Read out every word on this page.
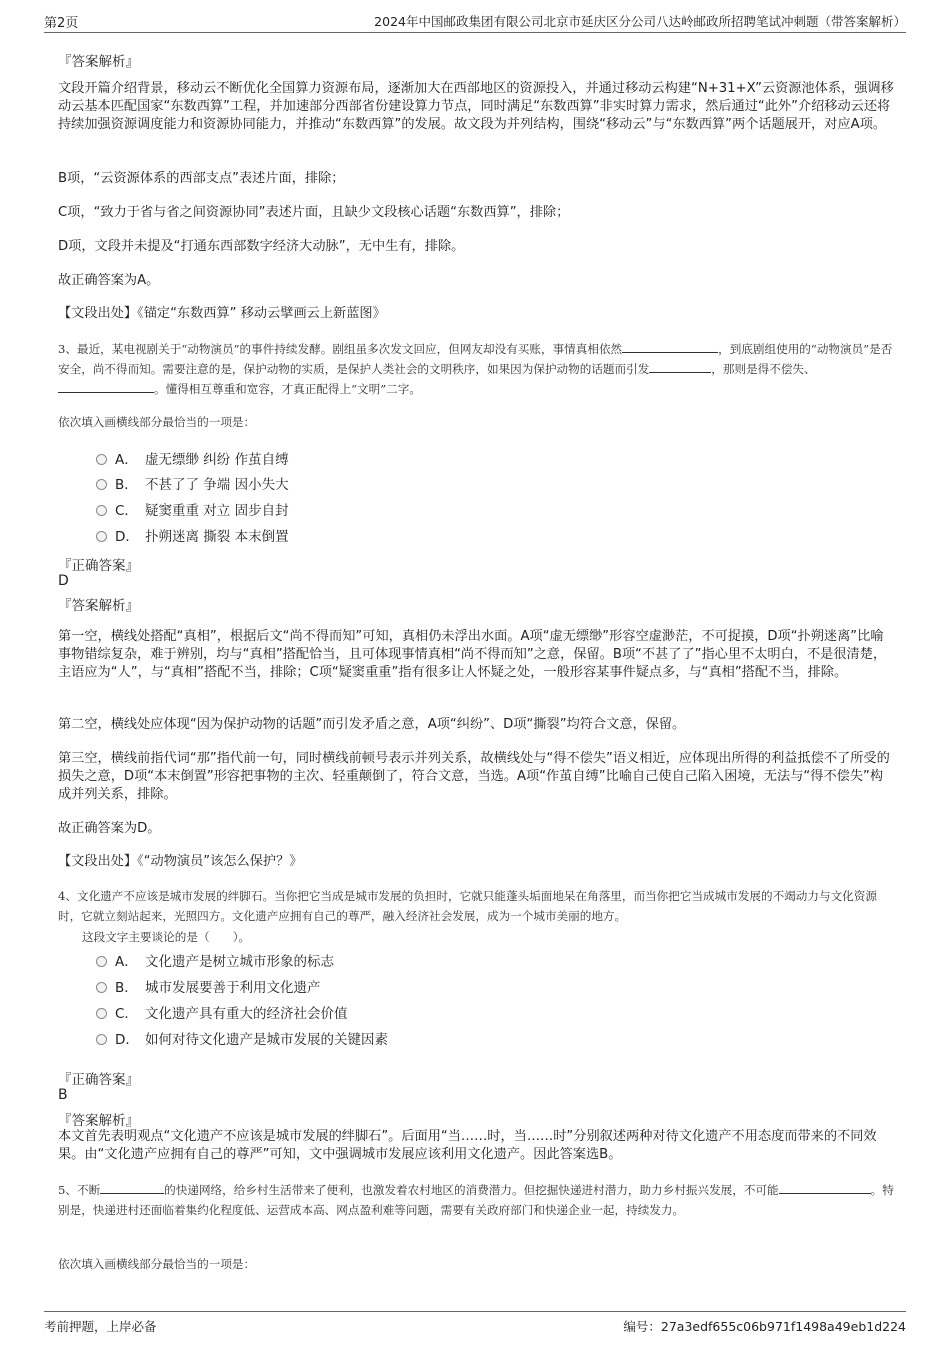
第2页	2024年中国邮政集团有限公司北京市延庆区分公司八达岭邮政所招聘笔试冲刺题（带答案解析）
『答案解析』

文段开篇介绍背景，移动云不断优化全国算力资源布局，逐渐加大在西部地区的资源投入，并通过移动云构建“N+31+X”云资源池体系，强调移动云基本匹配国家“东数西算”工程，并加速部分西部省份建设算力节点，同时满足“东数西算”非实时算力需求，然后通过“此外”介绍移动云还将持续加强资源调度能力和资源协同能力，并推动“东数西算”的发展。故文段为并列结构，围绕“移动云”与“东数西算”两个话题展开，对应A项。

B项，“云资源体系的西部支点”表述片面，排除；

C项，“致力于省与省之间资源协同”表述片面，且缺少文段核心话题“东数西算”，排除；

D项，文段并未提及“打通东西部数字经济大动脉”，无中生有，排除。

故正确答案为A。

【文段出处】《锚定“东数西算” 移动云擘画云上新蓝图》

3、最近，某电视剧关于“动物演员”的事件持续发酵。剧组虽多次发文回应，但网友却没有买账，事情真相依然	，到底剧组使用的“动物演员”是否安全，尚不得而知。需要注意的是，保护动物的实质，是保护人类社会的文明秩序，如果因为保护动物的话题而引发	，那则是得不偿失、。懂得相互尊重和宽容，才真正配得上“文明”二字。

依次填入画横线部分最恰当的一项是：

A． 虚无缥缈 纠纷 作茧自缚
B． 不甚了了 争端 因小失大
C． 疑窦重重 对立 固步自封
D． 扑朔迷离 撕裂 本末倒置
『正确答案』
D
『答案解析』

第一空，横线处搭配“真相”，根据后文“尚不得而知”可知，真相仍未浮出水面。A项“虚无缥缈”形容空虚渺茫，不可捉摸，D项“扑朔迷离”比喻事物错综复杂，难于辨别，均与“真相”搭配恰当，且可体现事情真相“尚不得而知”之意，保留。B项“不甚了了”指心里不太明白，不是很清楚，主语应为“人”，与“真相”搭配不当，排除；C项“疑窦重重”指有很多让人怀疑之处，一般形容某事件疑点多，与“真相”搭配不当，排除。

第二空，横线处应体现“因为保护动物的话题”而引发矛盾之意，A项“纠纷”、D项“撕裂”均符合文意，保留。

第三空，横线前指代词“那”指代前一句，同时横线前顿号表示并列关系，故横线处与“得不偿失”语义相近，应体现出所得的利益抵偿不了所受的损失之意，D项“本末倒置”形容把事物的主次、轻重颠倒了，符合文意，当选。A项“作茧自缚”比喻自己使自己陷入困境，无法与“得不偿失”构成并列关系，排除。

故正确答案为D。

【文段出处】《“动物演员”该怎么保护？》

4、文化遗产不应该是城市发展的绊脚石。当你把它当成是城市发展的负担时，它就只能蓬头垢面地呆在角落里，而当你把它当成城市发展的不竭动力与文化资源时，它就立刻站起来，光照四方。文化遗产应拥有自己的尊严，融入经济社会发展，成为一个城市美丽的地方。

这段文字主要谈论的是（　　）。

A． 文化遗产是树立城市形象的标志
B． 城市发展要善于利用文化遗产
C． 文化遗产具有重大的经济社会价值
D． 如何对待文化遗产是城市发展的关键因素
『正确答案』
B
『答案解析』

本文首先表明观点“文化遗产不应该是城市发展的绊脚石”。后面用“当……时，当……时”分别叙述两种对待文化遗产不用态度而带来的不同效果。由“文化遗产应拥有自己的尊严”可知，文中强调城市发展应该利用文化遗产。因此答案选B。

5、不断	的快递网络，给乡村生活带来了便利，也激发着农村地区的消费潜力。但挖掘快递进村潜力，助力乡村振兴发展，不可能	。特别是，快递进村还面临着集约化程度低、运营成本高、网点盈利难等问题，需要有关政府部门和快递企业一起，持续发力。

依次填入画横线部分最恰当的一项是：

考前押题，上岸必备	编号：27a3edf655c06b971f1498a49eb1d224
